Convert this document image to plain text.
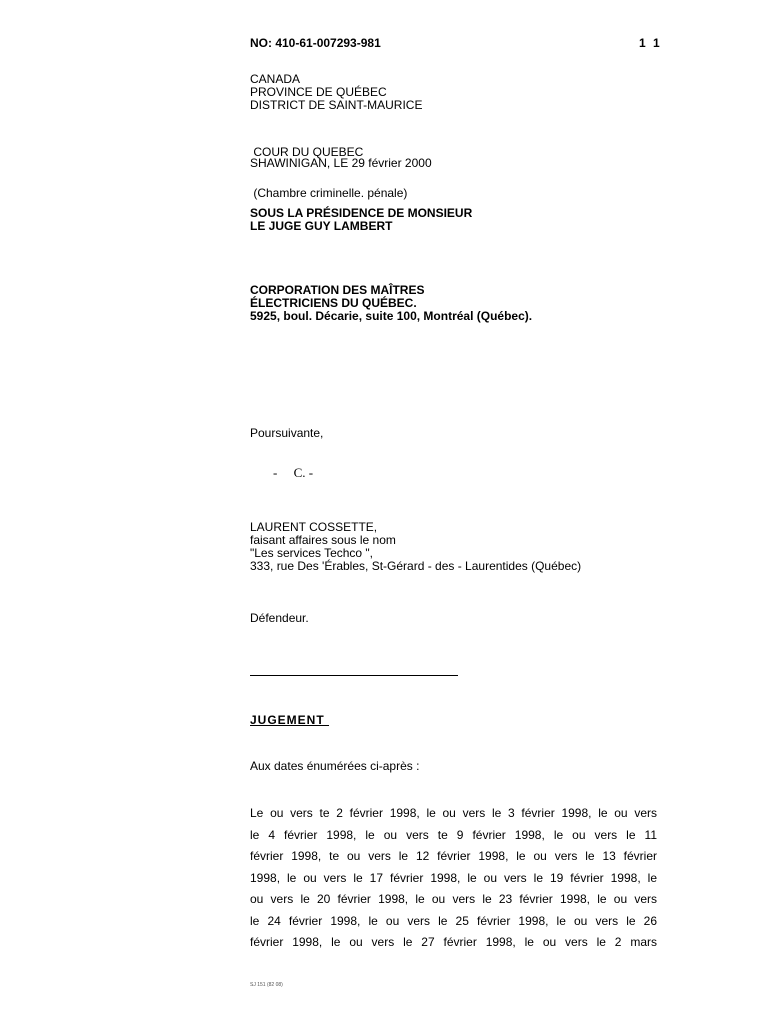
NO: 410-61-007293-981	1 1
CANADA
PROVINCE DE QUÉBEC
DISTRICT DE SAINT-MAURICE

COUR DU QUEBEC

(Chambre criminelle. pénale)

SHAWINIGAN, LE 29 février 2000
SOUS LA PRÉSIDENCE DE MONSIEUR
LE JUGE GUY LAMBERT
CORPORATION DES MAÎTRES
ÉLECTRICIENS DU QUÉBEC.
5925, boul. Décarie, suite 100, Montréal (Québec).
Poursuivante,
-     C. -
LAURENT COSSETTE,
faisant affaires sous le nom
"Les services Techco ",
333, rue Des 'Érables, St-Gérard - des - Laurentides (Québec)
Défendeur.
JUGEMENT
Aux dates énumérées ci-après :
Le ou vers te 2 février 1998, le ou vers le 3 février 1998, le ou vers
le 4 février 1998, le ou vers te 9 février 1998, le ou vers le 11
février 1998, te ou vers le 12 février 1998, le ou vers le 13 février
1998, le ou vers le 17 février 1998, le ou vers le 19 février 1998, le
ou vers le 20 février 1998, le ou vers le 23 février 1998, le ou vers
le 24 février 1998, le ou vers le 25 février 1998, le ou vers le 26
février 1998, le ou vers le 27 février 1998, le ou vers le 2 mars
SJ 151 (82 08)
